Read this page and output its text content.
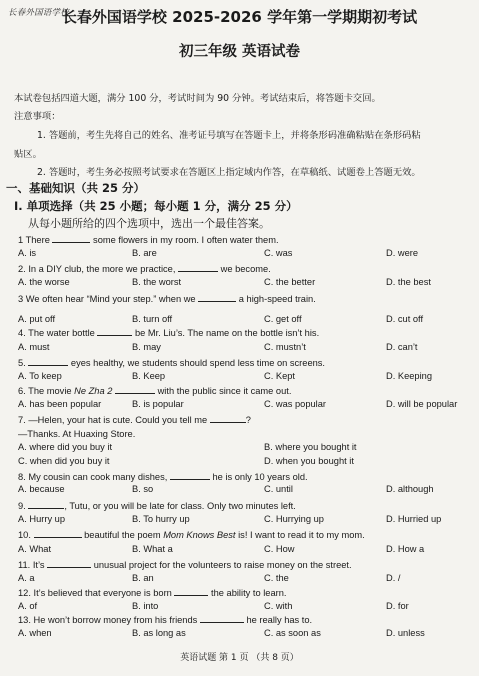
长春外国语学校
长春外国语学校 2025-2026 学年第一学期期初考试
初三年级 英语试卷
本试卷包括四道大题，满分 100 分，考试时间为 90 分钟。考试结束后，将答题卡交回。
注意事项：
1. 答题前，考生先将自己的姓名、准考证号填写在答题卡上，并将条形码准确粘贴在条形码粘
贴区。
2. 答题时，考生务必按照考试要求在答题区上指定域内作答，在草稿纸、试题卷上答题无效。
一、基础知识（共 25 分）
I. 单项选择（共 25 小题；每小题 1 分，满分 25 分）
从每小题所给的四个选项中，选出一个最佳答案。
1 There	some flowers in my room. I often water them.
A. is	B. are	C. was	D. were
2. In a DIY club, the more we practice,	we become.
A. the worse	B. the worst	C. the better	D. the best
3 We often hear “Mind your step.” when we	a high-speed train.
A. put off	B. turn off	C. get off	D. cut off
4. The water bottle	be Mr. Liu’s. The name on the bottle isn’t his.
A. must	B. may	C. mustn’t	D. can’t
5.	eyes healthy, we students should spend less time on screens.
A. To keep	B. Keep	C. Kept	D. Keeping
6. The movie Ne Zha 2	with the public since it came out.
A. has been popular	B. is popular	C. was popular	D. will be popular
7. —Helen, your hat is cute. Could you tell me	?
—Thanks. At Huaxing Store.
A. where did you buy it	B. where you bought it
C. when did you buy it	D. when you bought it
8. My cousin can cook many dishes,	he is only 10 years old.
A. because	B. so	C. until	D. although
9.	, Tutu, or you will be late for class. Only two minutes left.
A. Hurry up	B. To hurry up	C. Hurrying up	D. Hurried up
10.	beautiful the poem Mom Knows Best is! I want to read it to my mom.
A. What	B. What a	C. How	D. How a
11. It’s	unusual project for the volunteers to raise money on the street.
A. a	B. an	C. the	D. /
12. It’s believed that everyone is born	the ability to learn.
A. of	B. into	C. with	D. for
13. He won’t borrow money from his friends	he really has to.
A. when	B. as long as	C. as soon as	D. unless
英语试题 第 1 页 （共 8 页）
